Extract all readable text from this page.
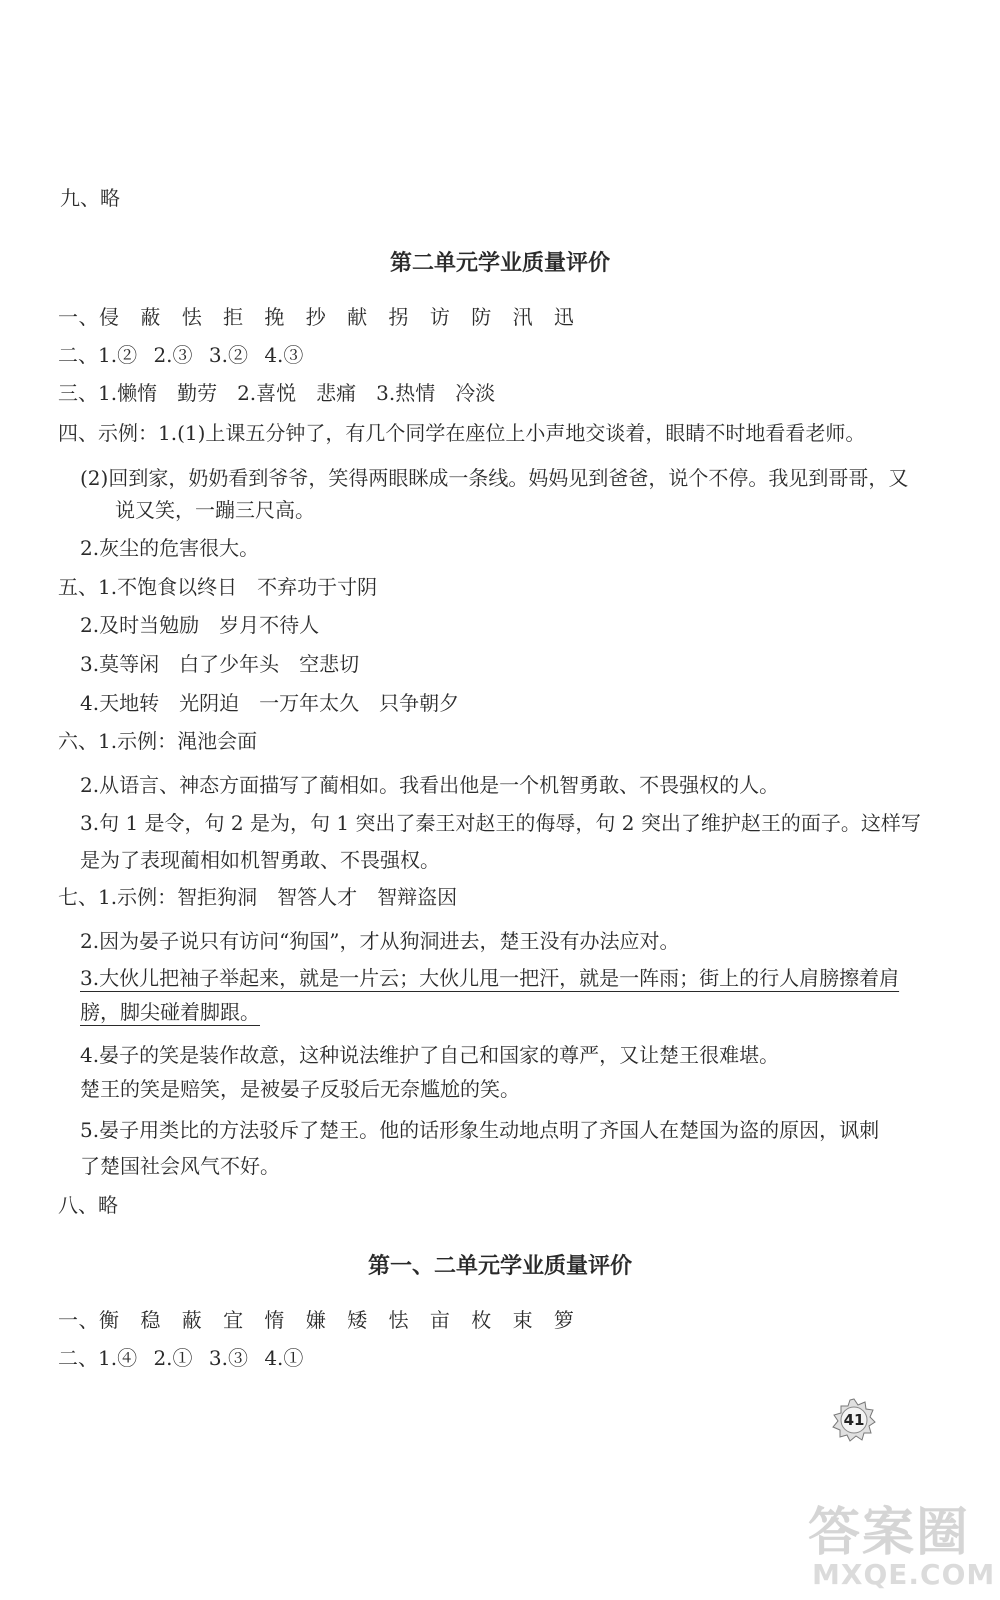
九、略
第二单元学业质量评价
一、侵 蔽 怯 拒 挽 抄 献 拐 访 防 汛 迅
二、1.② 2.③ 3.② 4.③
三、1.懒惰　勤劳　2.喜悦　悲痛　3.热情　冷淡
四、示例：1.(1)上课五分钟了，有几个同学在座位上小声地交谈着，眼睛不时地看看老师。
(2)回到家，奶奶看到爷爷，笑得两眼眯成一条线。妈妈见到爸爸，说个不停。我见到哥哥，又
说又笑，一蹦三尺高。
2.灰尘的危害很大。
五、1.不饱食以终日　不弃功于寸阴
2.及时当勉励　岁月不待人
3.莫等闲　白了少年头　空悲切
4.天地转　光阴迫　一万年太久　只争朝夕
六、1.示例：渑池会面
2.从语言、神态方面描写了蔺相如。我看出他是一个机智勇敢、不畏强权的人。
3.句 1 是令，句 2 是为，句 1 突出了秦王对赵王的侮辱，句 2 突出了维护赵王的面子。这样写
是为了表现蔺相如机智勇敢、不畏强权。
七、1.示例：智拒狗洞　智答人才　智辩盗因
2.因为晏子说只有访问“狗国”，才从狗洞进去，楚王没有办法应对。
3.大伙儿把袖子举起来，就是一片云；大伙儿甩一把汗，就是一阵雨；街上的行人肩膀擦着肩
膀，脚尖碰着脚跟。
4.晏子的笑是装作故意，这种说法维护了自己和国家的尊严，又让楚王很难堪。
楚王的笑是赔笑，是被晏子反驳后无奈尴尬的笑。
5.晏子用类比的方法驳斥了楚王。他的话形象生动地点明了齐国人在楚国为盗的原因，讽刺
了楚国社会风气不好。
八、略
第一、二单元学业质量评价
一、衡 稳 蔽 宜 惰 嫌 矮 怯 亩 枚 束 箩
二、1.④ 2.① 3.③ 4.①
41
答案圈
MXQE.COM
